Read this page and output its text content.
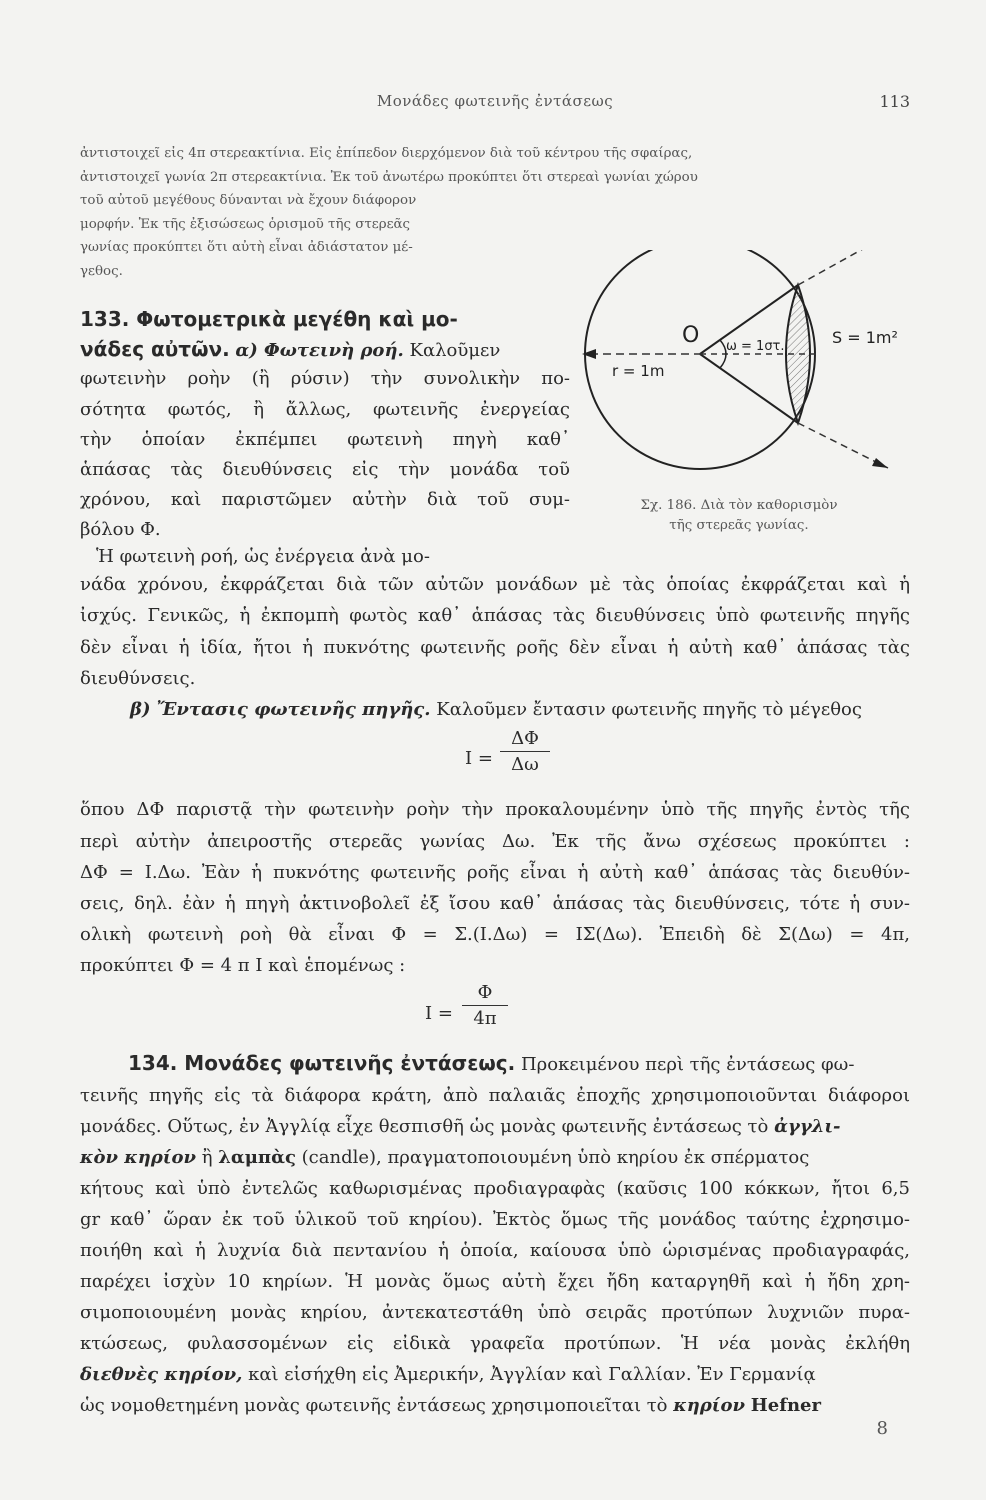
Μονάδες φωτεινῆς ἐντάσεως	113
ἀντιστοιχεῖ εἰς 4π στερεακτίνια. Εἰς ἐπίπεδον διερχόμενον διὰ τοῦ κέντρου τῆς σφαίρας,
ἀντιστοιχεῖ γωνία 2π στερεακτίνια. Ἐκ τοῦ ἀνωτέρω προκύπτει ὅτι στερεαὶ γωνίαι χώρου
τοῦ αὐτοῦ μεγέθους δύνανται νὰ ἔχουν διάφορον
μορφήν. Ἐκ τῆς ἐξισώσεως ὁρισμοῦ τῆς στερεᾶς
γωνίας προκύπτει ὅτι αὐτὴ εἶναι ἀδιάστατον μέ-
γεθος.
133. Φωτομετρικὰ μεγέθη καὶ μο-
νάδες αὐτῶν. α) Φωτεινὴ ροή. Καλοῦμεν
φωτεινὴν ροὴν (ἢ ρύσιν) τὴν συνολικὴν πο-
σότητα φωτός, ἢ ἄλλως, φωτεινῆς ἐνεργείας
τὴν ὁποίαν ἐκπέμπει φωτεινὴ πηγὴ καθ᾿
ἁπάσας τὰς διευθύνσεις εἰς τὴν μονάδα τοῦ
χρόνου, καὶ παριστῶμεν αὐτὴν διὰ τοῦ συμ-
βόλου Φ.
Ἡ φωτεινὴ ροή, ὡς ἐνέργεια ἀνὰ μο-
O
r = 1m
ω = 1στ.	S = 1m²
Σχ. 186. Διὰ τὸν καθορισμὸν
τῆς στερεᾶς γωνίας.
νάδα χρόνου, ἐκφράζεται διὰ τῶν αὐτῶν μονάδων μὲ τὰς ὁποίας ἐκφράζεται καὶ ἡ
ἰσχύς. Γενικῶς, ἡ ἐκπομπὴ φωτὸς καθ᾿ ἁπάσας τὰς διευθύνσεις ὑπὸ φωτεινῆς πηγῆς
δὲν εἶναι ἡ ἰδία, ἤτοι ἡ πυκνότης φωτεινῆς ροῆς δὲν εἶναι ἡ αὐτὴ καθ᾿ ἁπάσας τὰς
διευθύνσεις.
β) Ἔντασις φωτεινῆς πηγῆς. Καλοῦμεν ἔντασιν φωτεινῆς πηγῆς τὸ μέγεθος
I =
ΔΦ
Δω
ὅπου ΔΦ παριστᾷ τὴν φωτεινὴν ροὴν τὴν προκαλουμένην ὑπὸ τῆς πηγῆς ἐντὸς τῆς
περὶ αὐτὴν ἀπειροστῆς στερεᾶς γωνίας Δω. Ἐκ τῆς ἄνω σχέσεως προκύπτει :
ΔΦ = I.Δω. Ἐὰν ἡ πυκνότης φωτεινῆς ροῆς εἶναι ἡ αὐτὴ καθ᾿ ἁπάσας τὰς διευθύν-
σεις, δηλ. ἐὰν ἡ πηγὴ ἀκτινοβολεῖ ἐξ ἴσου καθ᾿ ἁπάσας τὰς διευθύνσεις, τότε ἡ συν-
ολικὴ φωτεινὴ ροὴ θὰ εἶναι Φ = Σ.(I.Δω) = IΣ(Δω). Ἐπειδὴ δὲ Σ(Δω) = 4π,
προκύπτει Φ = 4 π I καὶ ἑπομένως :
I =
Φ
4π
134. Μονάδες φωτεινῆς ἐντάσεως. Προκειμένου περὶ τῆς ἐντάσεως φω-
τεινῆς πηγῆς εἰς τὰ διάφορα κράτη, ἀπὸ παλαιᾶς ἐποχῆς χρησιμοποιοῦνται διάφοροι
μονάδες. Οὕτως, ἐν Ἀγγλίᾳ εἶχε θεσπισθῆ ὡς μονὰς φωτεινῆς ἐντάσεως τὸ ἀγγλι-
κὸν κηρίον ἢ λαμπὰς (candle), πραγματοποιουμένη ὑπὸ κηρίου ἐκ σπέρματος
κήτους καὶ ὑπὸ ἐντελῶς καθωρισμένας προδιαγραφὰς (καῦσις 100 κόκκων, ἤτοι 6,5
gr καθ᾿ ὥραν ἐκ τοῦ ὑλικοῦ τοῦ κηρίου). Ἐκτὸς ὅμως τῆς μονάδος ταύτης ἐχρησιμο-
ποιήθη καὶ ἡ λυχνία διὰ πεντανίου ἡ ὁποία, καίουσα ὑπὸ ὡρισμένας προδιαγραφάς,
παρέχει ἰσχὺν 10 κηρίων. Ἡ μονὰς ὅμως αὐτὴ ἔχει ἤδη καταργηθῆ καὶ ἡ ἤδη χρη-
σιμοποιουμένη μονὰς κηρίου, ἀντεκατεστάθη ὑπὸ σειρᾶς προτύπων λυχνιῶν πυρα-
κτώσεως, φυλασσομένων εἰς εἰδικὰ γραφεῖα προτύπων. Ἡ νέα μονὰς ἐκλήθη
διεθνὲς κηρίον, καὶ εἰσήχθη εἰς Ἀμερικήν, Ἀγγλίαν καὶ Γαλλίαν. Ἐν Γερμανίᾳ
ὡς νομοθετημένη μονὰς φωτεινῆς ἐντάσεως χρησιμοποιεῖται τὸ κηρίον Hefner
8
